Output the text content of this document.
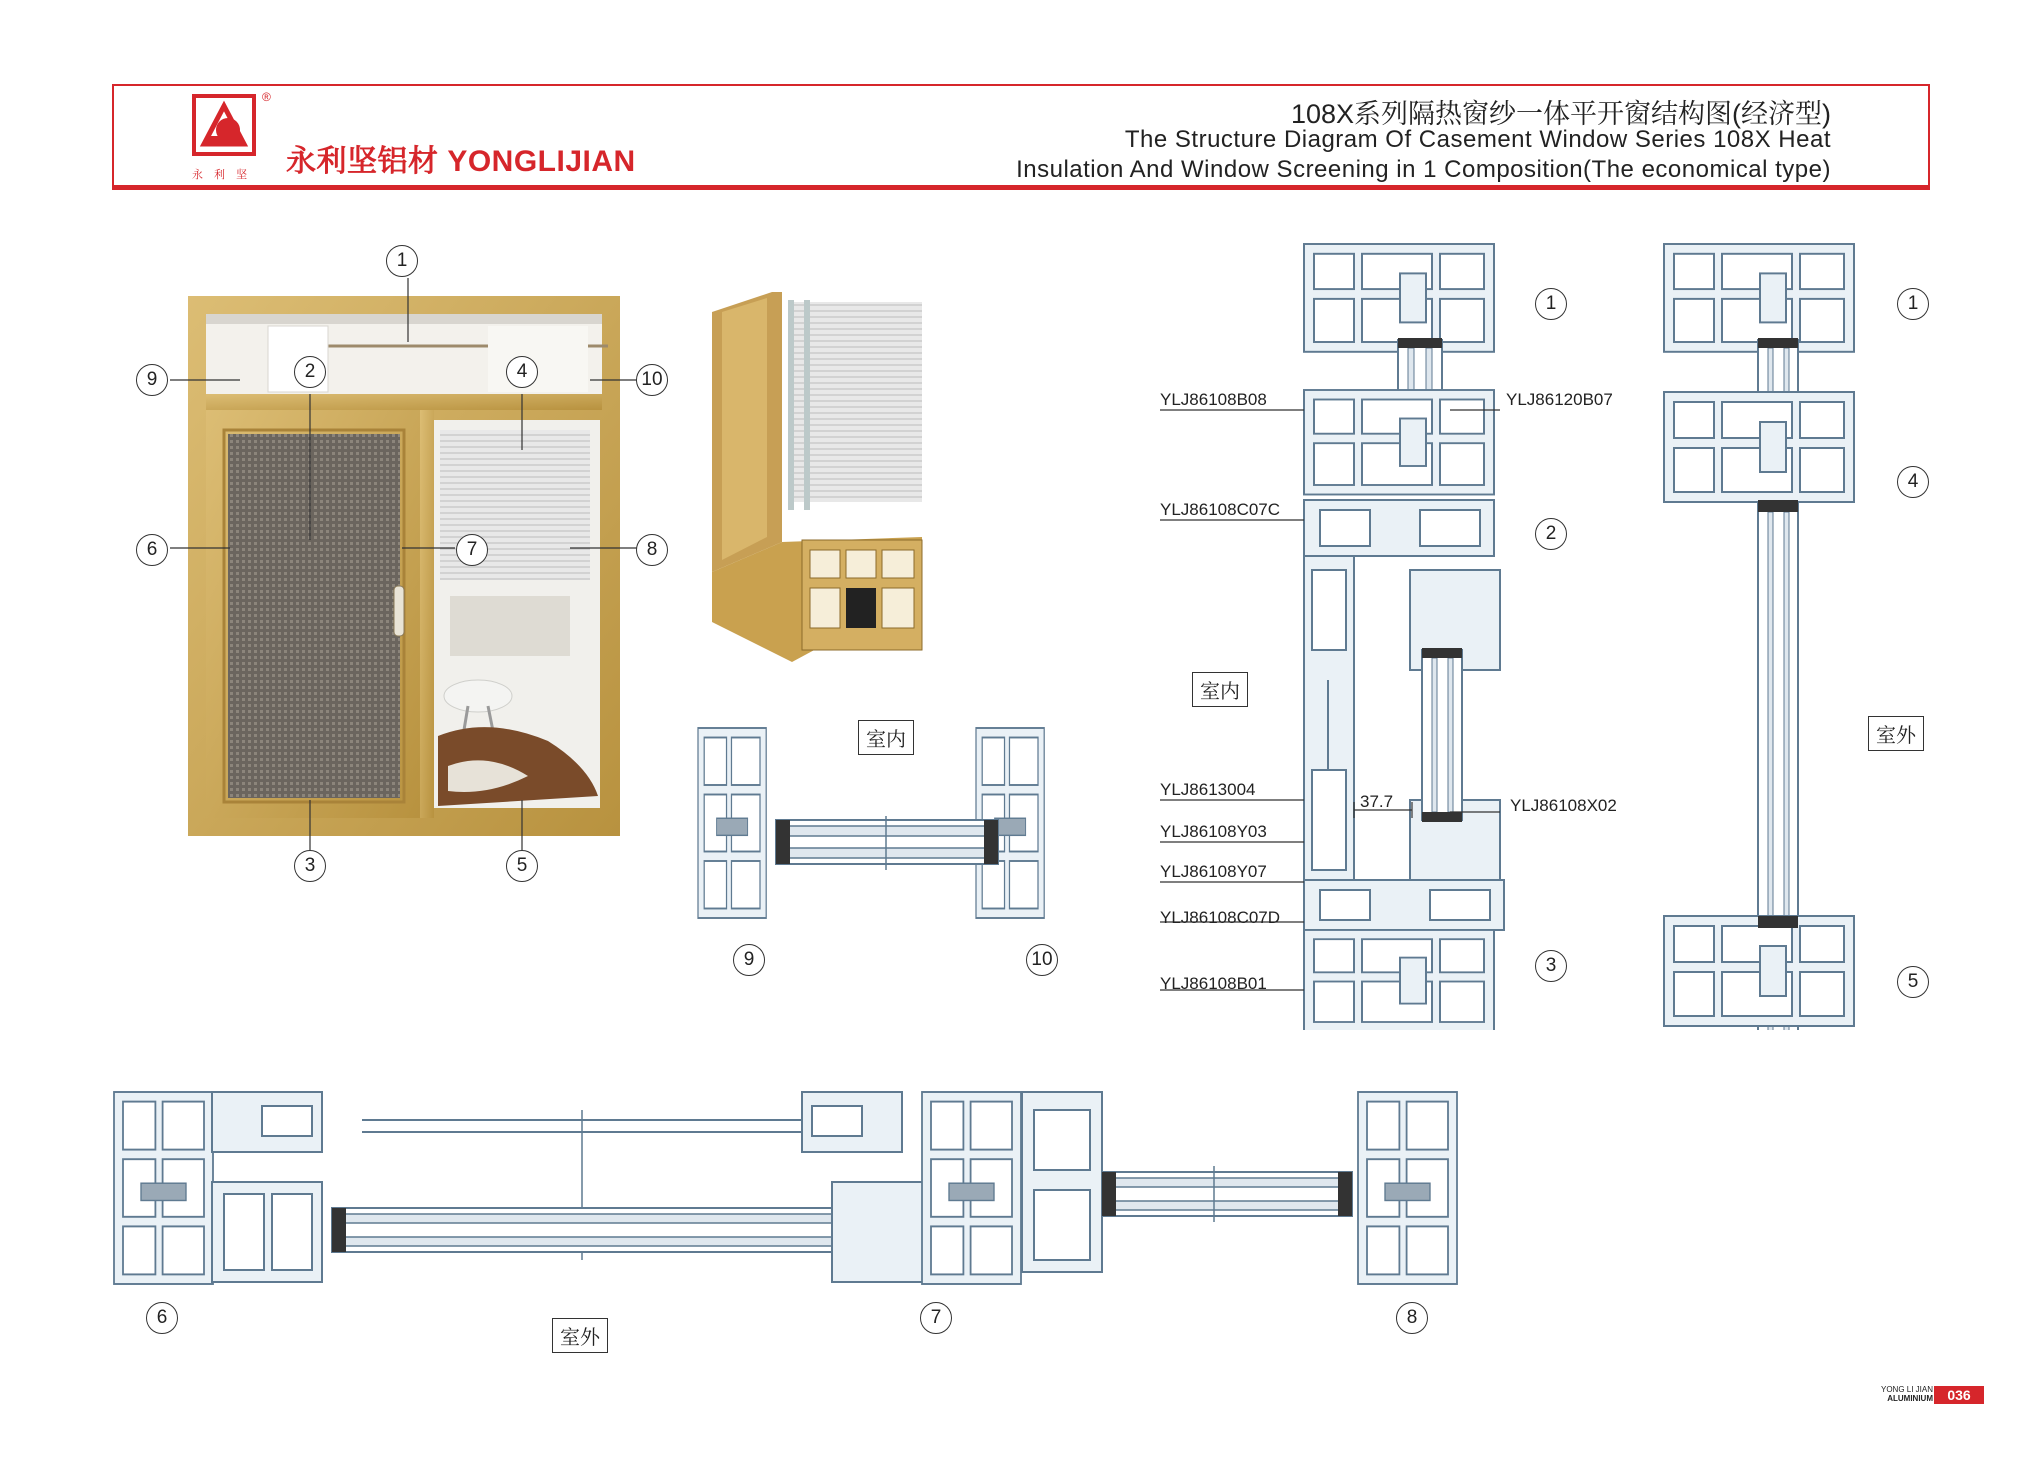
永 利 坚
®
永利坚铝材 YONGLIJIAN
108X系列隔热窗纱一体平开窗结构图(经济型)
The Structure Diagram Of Casement Window Series 108X Heat
Insulation And Window Screening in 1 Composition(The economical type)
1
2
3
4
5
6	7	8
9	10
室内
9	10
YLJ86108B08	YLJ86120B07
YLJ86108C07C
YLJ8613004
YLJ86108X02
YLJ86108Y03
YLJ86108Y07
YLJ86108C07D
YLJ86108B01
37.7
室内
1
2
3
室外
1
4
5
6	7	8
室外
YONG LI JIAN
ALUMINIUM	036
